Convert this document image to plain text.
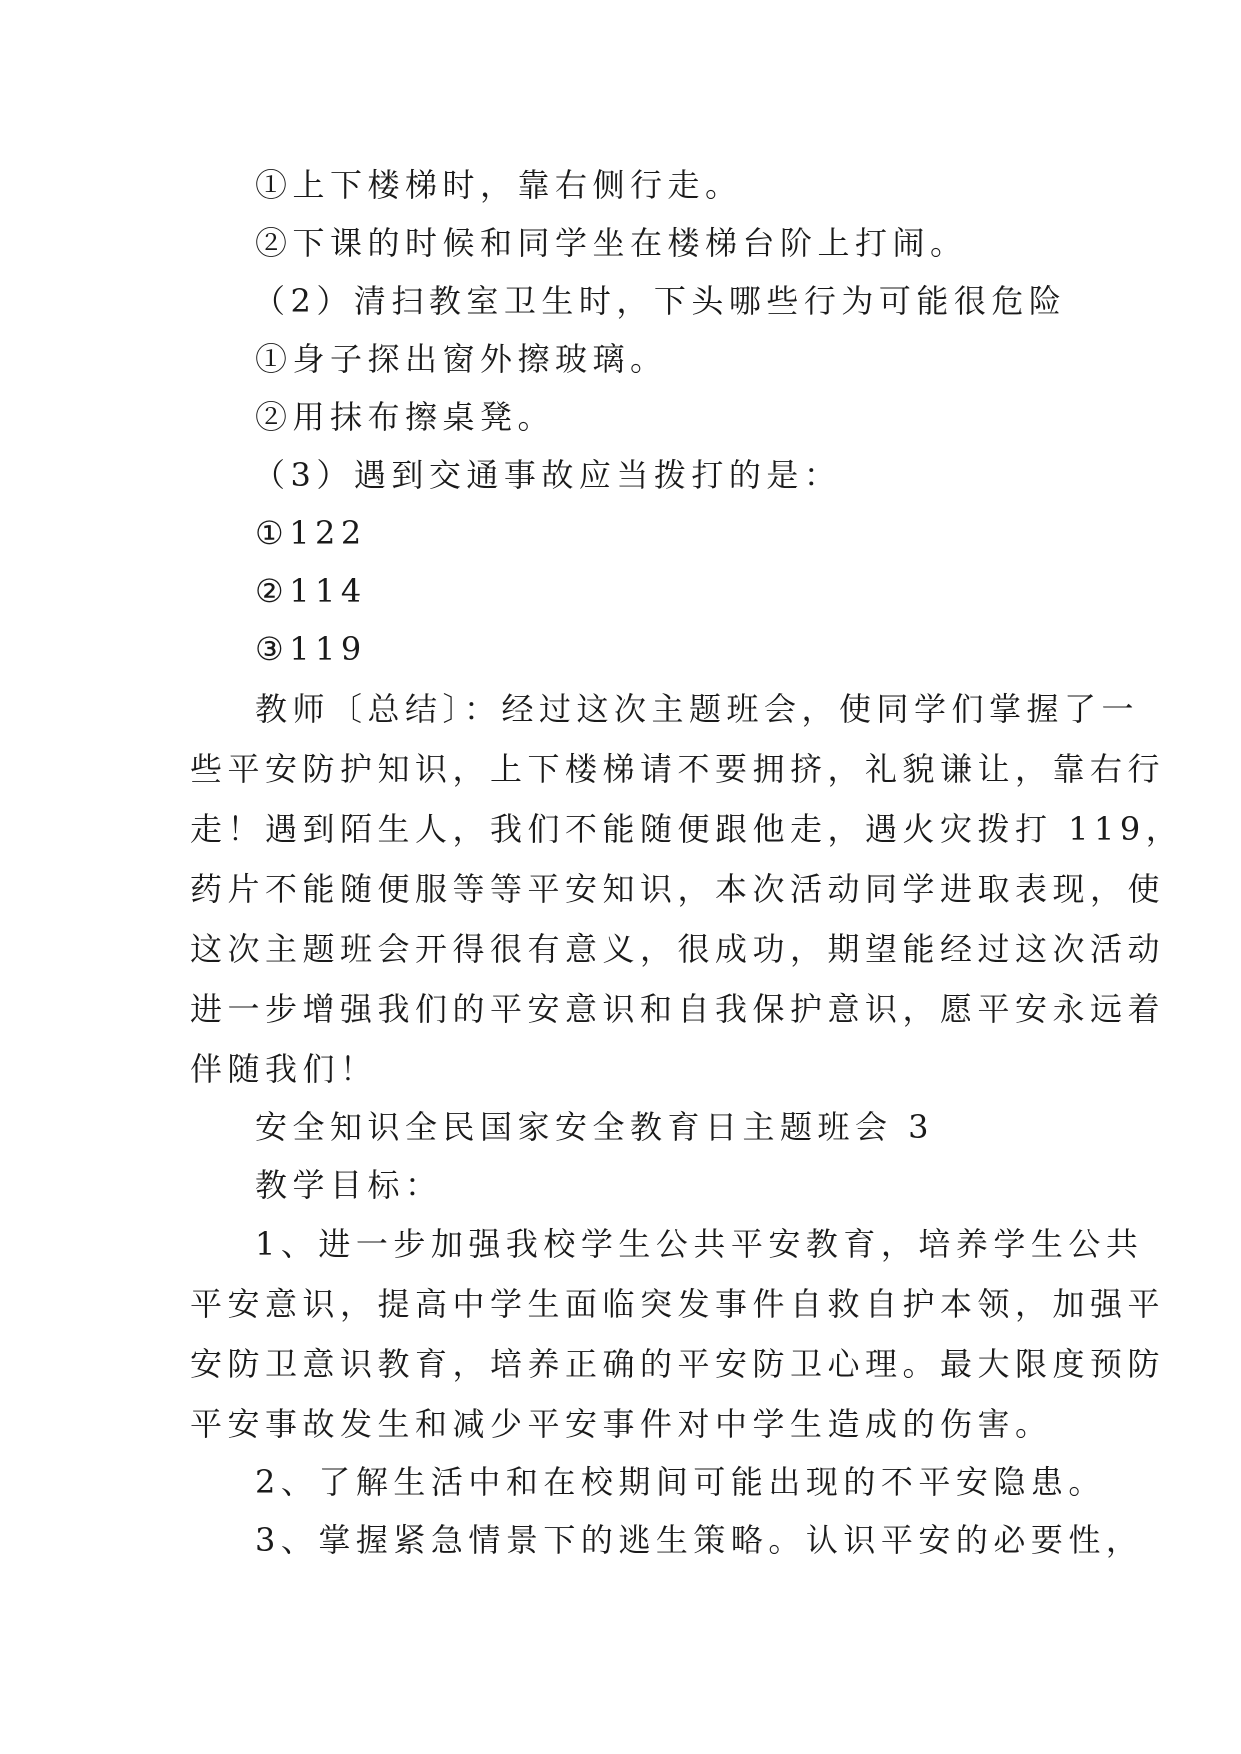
①上下楼梯时，靠右侧行走。

②下课的时候和同学坐在楼梯台阶上打闹。

（2）清扫教室卫生时，下头哪些行为可能很危险

①身子探出窗外擦玻璃。

②用抹布擦桌凳。

（3）遇到交通事故应当拨打的是：

①122

②114

③119

教师〔总结〕：经过这次主题班会，使同学们掌握了一

些平安防护知识，上下楼梯请不要拥挤，礼貌谦让，靠右行

走！遇到陌生人，我们不能随便跟他走，遇火灾拨打 119，

药片不能随便服等等平安知识，本次活动同学进取表现，使

这次主题班会开得很有意义，很成功，期望能经过这次活动

进一步增强我们的平安意识和自我保护意识，愿平安永远着

伴随我们！

安全知识全民国家安全教育日主题班会 3

教学目标：

1、进一步加强我校学生公共平安教育，培养学生公共

平安意识，提高中学生面临突发事件自救自护本领，加强平

安防卫意识教育，培养正确的平安防卫心理。最大限度预防

平安事故发生和减少平安事件对中学生造成的伤害。

2、了解生活中和在校期间可能出现的不平安隐患。

3、掌握紧急情景下的逃生策略。认识平安的必要性，
